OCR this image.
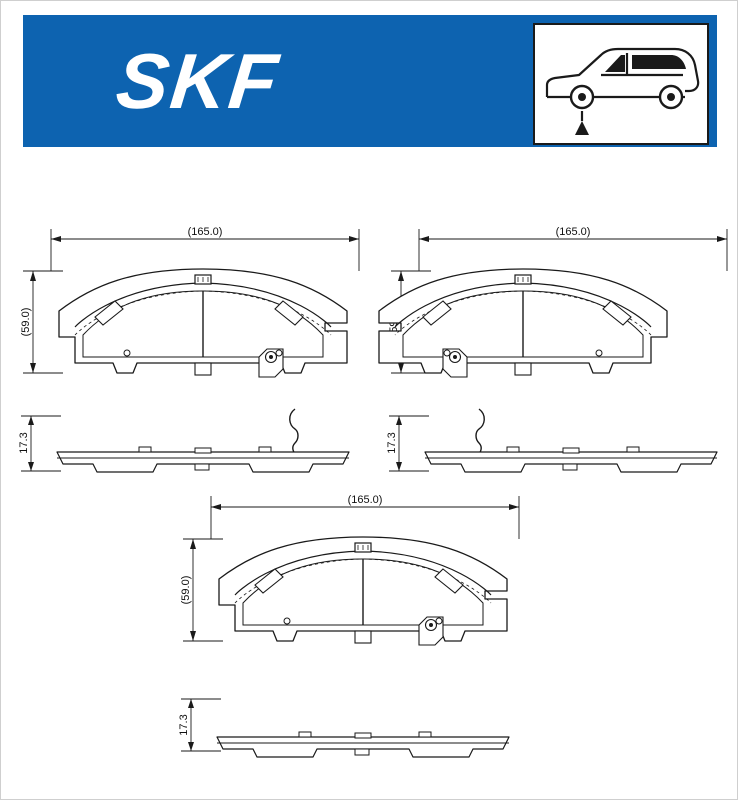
SKF
(165.0)
(59.0)
(165.0)
17.3	17.3
(165.0)
(59.0)
17.3
